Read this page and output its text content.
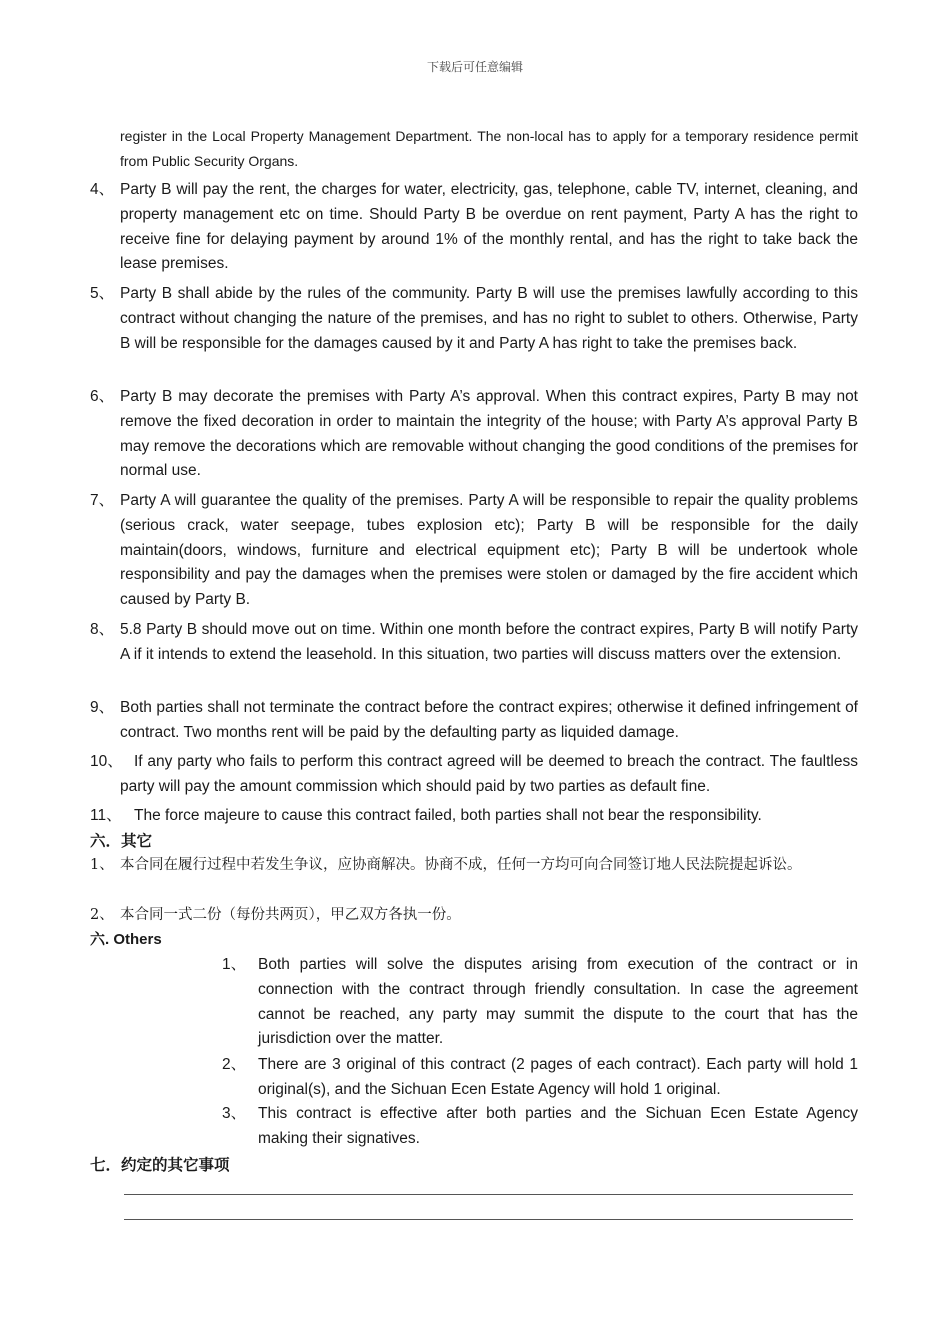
下载后可任意编辑
register in the Local Property Management Department. The non-local has to apply for a temporary residence permit from Public Security Organs.
4、 Party B will pay the rent, the charges for water, electricity, gas, telephone, cable TV, internet, cleaning, and property management etc on time. Should Party B be overdue on rent payment, Party A has the right to receive fine for delaying payment by around 1% of the monthly rental, and has the right to take back the lease premises.
5、 Party B shall abide by the rules of the community. Party B will use the premises lawfully according to this contract without changing the nature of the premises, and has no right to sublet to others. Otherwise, Party B will be responsible for the damages caused by it and Party A has right to take the premises back.
6、 Party B may decorate the premises with Party A’s approval. When this contract expires, Party B may not remove the fixed decoration in order to maintain the integrity of the house; with Party A’s approval Party B may remove the decorations which are removable without changing the good conditions of the premises for normal use.
7、 Party A will guarantee the quality of the premises. Party A will be responsible to repair the quality problems (serious crack, water seepage, tubes explosion etc); Party B will be responsible for the daily maintain(doors, windows, furniture and electrical equipment etc); Party B will be undertook whole responsibility and pay the damages when the premises were stolen or damaged by the fire accident which caused by Party B.
8、 5.8 Party B should move out on time. Within one month before the contract expires, Party B will notify Party A if it intends to extend the leasehold. In this situation, two parties will discuss matters over the extension.
9、 Both parties shall not terminate the contract before the contract expires; otherwise it defined infringement of contract. Two months rent will be paid by the defaulting party as liquided damage.
10、 If any party who fails to perform this contract agreed will be deemed to breach the contract. The faultless party will pay the amount commission which should paid by two parties as default fine.
11、 The force majeure to cause this contract failed, both parties shall not bear the responsibility.
六．其它
1、 本合同在履行过程中若发生争议，应协商解决。协商不成，任何一方均可向合同签订地人民法院提起诉讼。
2、 本合同一式二份（每份共两页），甲乙双方各执一份。
六. Others
1、 Both parties will solve the disputes arising from execution of the contract or in connection with the contract through friendly consultation. In case the agreement cannot be reached, any party may summit the dispute to the court that has the jurisdiction over the matter.
2、 There are 3 original of this contract (2 pages of each contract). Each party will hold 1 original(s), and the Sichuan Ecen Estate Agency will hold 1 original.
3、 This contract is effective after both parties and the Sichuan Ecen Estate Agency making their signatives.
七．约定的其它事项
